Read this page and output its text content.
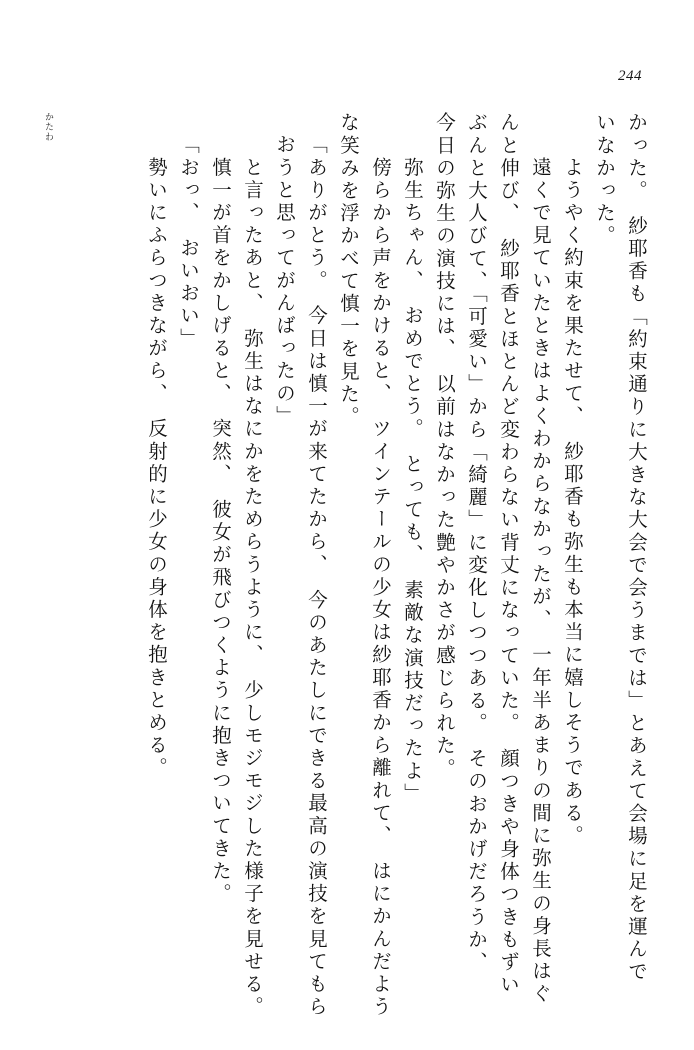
244
かった。　紗耶香も「約束通りに大きな大会で会うまでは」とあえて会場に足を運んで
いなかった。
　ようやく約束を果たせて、　紗耶香も弥生も本当に嬉しそうである。
　遠くで見ていたときはよくわからなかったが、　一年半あまりの間に弥生の身長はぐ
んと伸び、　紗耶香とほとんど変わらない背丈になっていた。　顔つきや身体つきもずい
ぶんと大人びて、「可愛い」から「綺麗」に変化しつつある。　そのおかげだろうか、
今日の弥生の演技には、　以前はなかった艶やかさが感じられた。
　弥生ちゃん、　おめでとう。　とっても、　素敵な演技だったよ」
かたわ
　傍らから声をかけると、　ツインテールの少女は紗耶香から離れて、　はにかんだよう
な笑みを浮かべて慎一を見た。
「ありがとう。　今日は慎一が来てたから、　今のあたしにできる最高の演技を見てもら
おうと思ってがんばったの」
　と言ったあと、　弥生はなにかをためらうように、　少しモジモジした様子を見せる。
　慎一が首をかしげると、　突然、　彼女が飛びつくように抱きついてきた。
「おっ、　おいおい」
　勢いにふらつきながら、　反射的に少女の身体を抱きとめる。
